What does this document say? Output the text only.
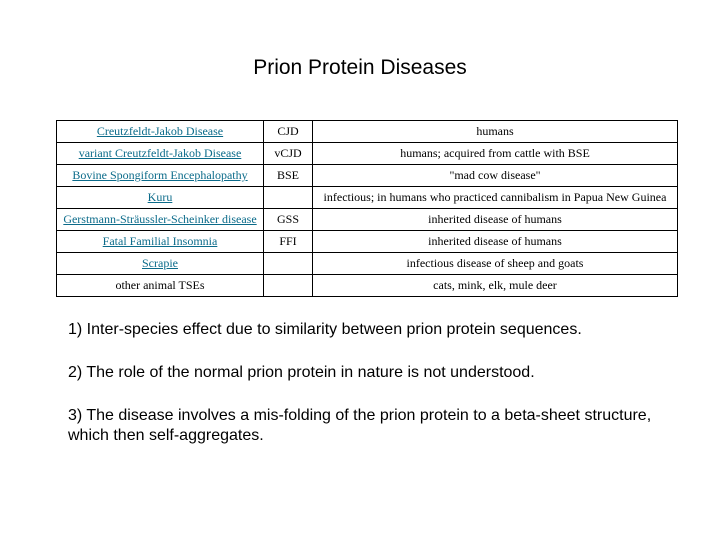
Prion Protein Diseases
Creutzfeldt-Jakob Disease	CJD	humans
variant Creutzfeldt-Jakob Disease	vCJD	humans; acquired from cattle with BSE
Bovine Spongiform Encephalopathy	BSE	"mad cow disease"
Kuru		infectious; in humans who practiced cannibalism in Papua New Guinea
Gerstmann-Sträussler-Scheinker disease	GSS	inherited disease of humans
Fatal Familial Insomnia	FFI	inherited disease of humans
Scrapie		infectious disease of sheep and goats
other animal TSEs		cats, mink, elk, mule deer

1) Inter-species effect due to similarity between prion protein sequences.

2) The role of the normal prion protein in nature is not understood.

3) The disease involves a mis-folding of the prion protein to a beta-sheet structure, which then self-aggregates.
